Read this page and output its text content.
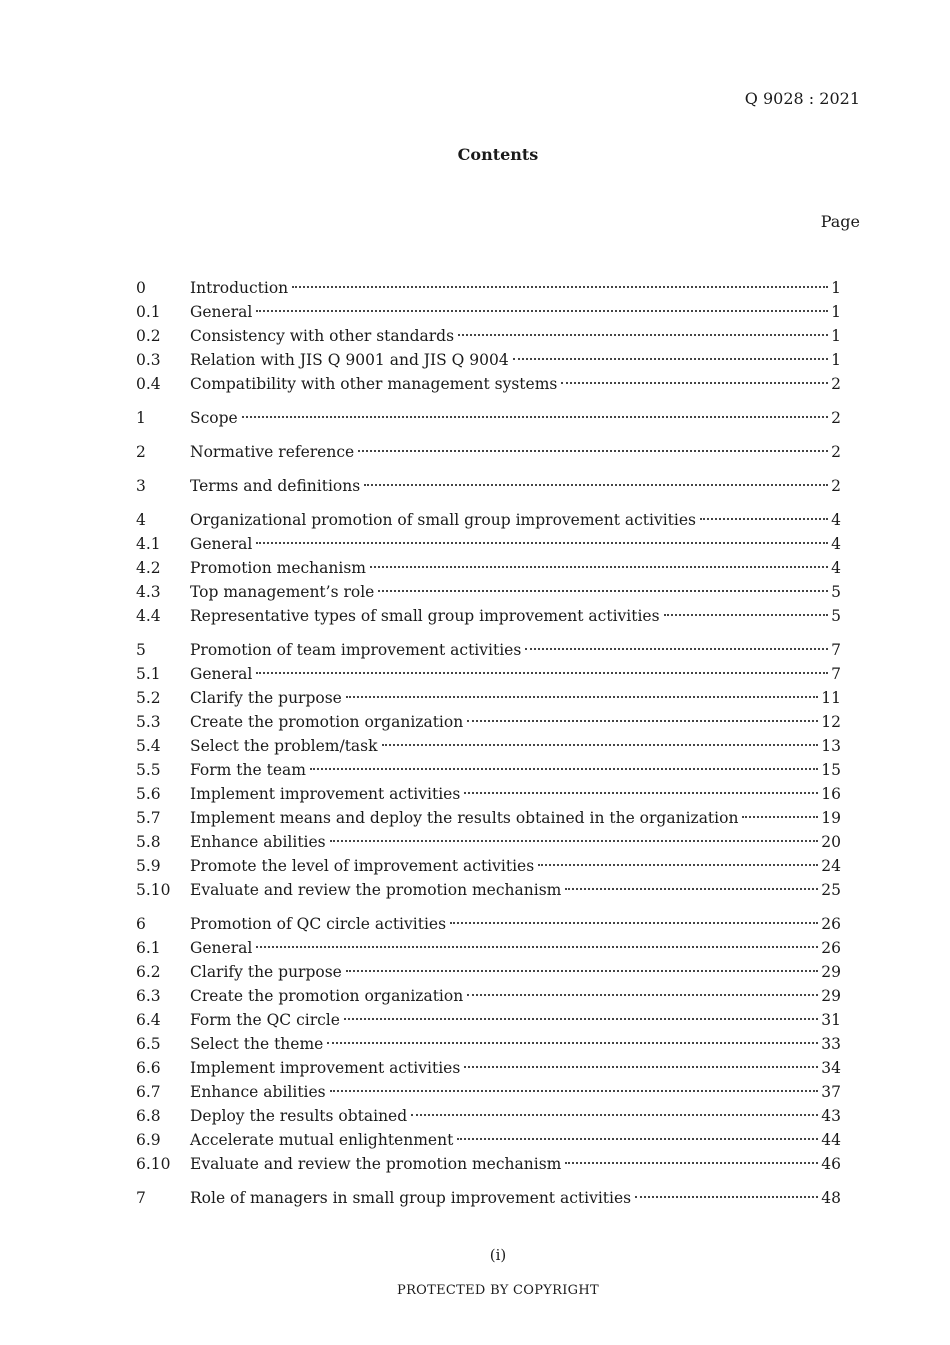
Q 9028 : 2021
Contents
Page
0	Introduction	1
0.1	General	1
0.2	Consistency with other standards	1
0.3	Relation with JIS Q 9001 and JIS Q 9004	1
0.4	Compatibility with other management systems	2
1	Scope	2
2	Normative reference	2
3	Terms and definitions	2
4	Organizational promotion of small group improvement activities	4
4.1	General	4
4.2	Promotion mechanism	4
4.3	Top management’s role	5
4.4	Representative types of small group improvement activities	5
5	Promotion of team improvement activities	7
5.1	General	7
5.2	Clarify the purpose	11
5.3	Create the promotion organization	12
5.4	Select the problem/task	13
5.5	Form the team	15
5.6	Implement improvement activities	16
5.7	Implement means and deploy the results obtained in the organization	19
5.8	Enhance abilities	20
5.9	Promote the level of improvement activities	24
5.10	Evaluate and review the promotion mechanism	25
6	Promotion of QC circle activities	26
6.1	General	26
6.2	Clarify the purpose	29
6.3	Create the promotion organization	29
6.4	Form the QC circle	31
6.5	Select the theme	33
6.6	Implement improvement activities	34
6.7	Enhance abilities	37
6.8	Deploy the results obtained	43
6.9	Accelerate mutual enlightenment	44
6.10	Evaluate and review the promotion mechanism	46
7	Role of managers in small group improvement activities	48
(i)
PROTECTED BY COPYRIGHT
